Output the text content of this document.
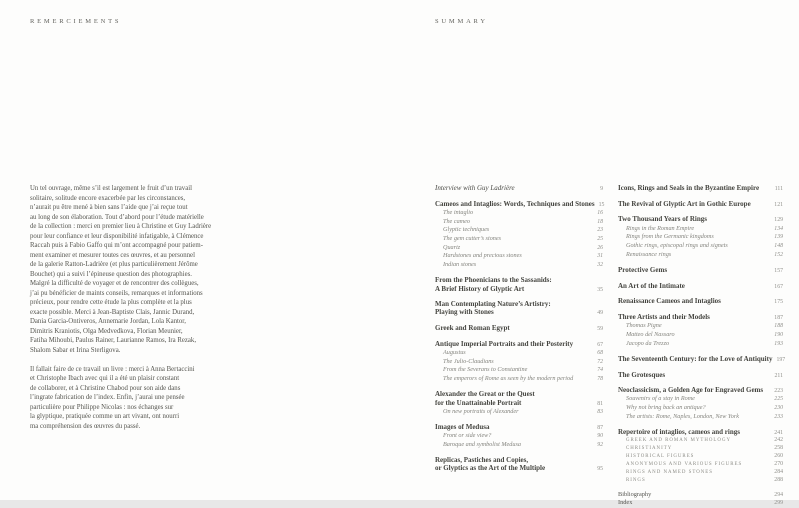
REMERCIEMENTS
Un tel ouvrage, même s’il est largement le fruit d’un travail
solitaire, solitude encore exacerbée par les circonstances,
n’aurait pu être mené à bien sans l’aide que j’ai reçue tout
au long de son élaboration. Tout d’abord pour l’étude matérielle
de la collection : merci en premier lieu à Christine et Guy Ladrière
pour leur confiance et leur disponibilité infatigable, à Clémence
Raccah puis à Fabio Gaffo qui m’ont accompagné pour patiem-
ment examiner et mesurer toutes ces œuvres, et au personnel
de la galerie Ratton-Ladrière (et plus particulièrement Jérôme
Bouchet) qui a suivi l’épineuse question des photographies.
Malgré la difficulté de voyager et de rencontrer des collègues,
j’ai pu bénéficier de maints conseils, remarques et informations
précieux, pour rendre cette étude la plus complète et la plus
exacte possible. Merci à Jean-Baptiste Clais, Jannic Durand,
Dania Garcia-Ontiveros, Annemarie Jordan, Lola Kantor,
Dimitris Kraniotis, Olga Medvedkova, Florian Meunier,
Fatiha Mihoubi, Paulus Rainer, Laurianne Ramos, Ira Rezak,
Shalom Sabar et Irina Sterligova.
Il fallait faire de ce travail un livre : merci à Anna Bertaccini
et Christophe Ibach avec qui il a été un plaisir constant
de collaborer, et à Christine Chabod pour son aide dans
l’ingrate fabrication de l’index. Enfin, j’aurai une pensée
particulière pour Philippe Nicolas : nos échanges sur
la glyptique, pratiquée comme un art vivant, ont nourri
ma compréhension des œuvres du passé.
SUMMARY
Interview with Guy Ladrière	9
Cameos and Intaglios: Words, Techniques and Stones 15
The intaglio	16
The cameo	18
Glyptic techniques	23
The gem cutter’s stones	25
Quartz	26
Hardstones and precious stones	31
Indian stones	32
From the Phoenicians to the Sassanids:
A Brief History of Glyptic Art	35
Man Contemplating Nature’s Artistry:
Playing with Stones	49
Greek and Roman Egypt	59
Antique Imperial Portraits and their Posterity	67
Augustus	68
The Julio-Claudians	72
From the Severans to Constantine	74
The emperors of Rome as seen by the modern period	78
Alexander the Great or the Quest
for the Unattainable Portrait	81
On new portraits of Alexander	83
Images of Medusa	87
Front or side view?	90
Baroque and symbolist Medusa	92
Replicas, Pastiches and Copies,
or Glyptics as the Art of the Multiple	95
Icons, Rings and Seals in the Byzantine Empire	111
The Revival of Glyptic Art in Gothic Europe	121
Two Thousand Years of Rings	129
Rings in the Roman Empire	134
Rings from the Germanic kingdoms	139
Gothic rings, episcopal rings and signets	148
Renaissance rings	152
Protective Gems	157
An Art of the Intimate	167
Renaissance Cameos and Intaglios	175
Three Artists and their Models	187
Thomas Pigne	188
Matteo del Nassaro	190
Jacopo da Trezzo	193
The Seventeenth Century: for the Love of Antiquity 197
The Grotesques	211
Neoclassicism, a Golden Age for Engraved Gems	223
Souvenirs of a stay in Rome	225
Why not bring back an antique?	230
The artists: Rome, Naples, London, New York	233
Repertoire of intaglios, cameos and rings	241
GREEK AND ROMAN MYTHOLOGY	242
CHRISTIANITY	258
HISTORICAL FIGURES	260
ANONYMOUS AND VARIOUS FIGURES	270
RINGS AND NAMED STONES	284
RINGS	288
Bibliography	294
Index	299
